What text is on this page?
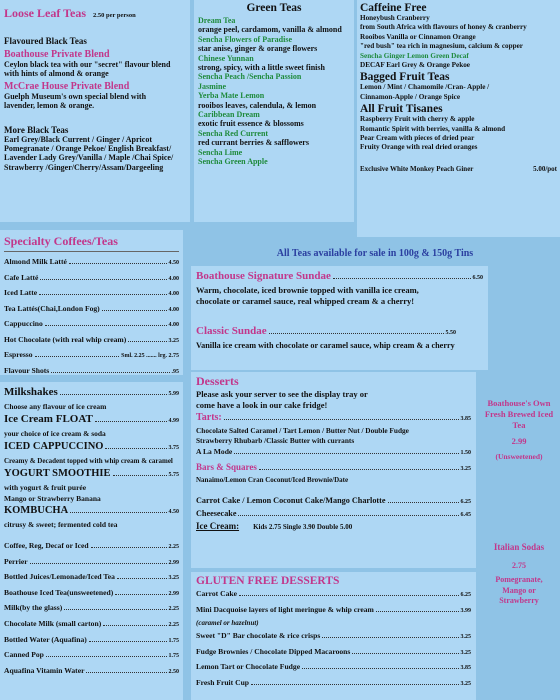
Loose Leaf Teas 2.50 per person
Flavoured Black Teas
Boathouse Private Blend
Ceylon black tea with our "secret" flavour blend
with hints of almond & orange
McCrae House Private Blend
Guelph Museum's own special blend with
lavender, lemon & orange.
More Black Teas
Earl Grey/Black Current / Ginger / Apricot
Pomegranate / Orange Pekoe/ English Breakfast/
Lavender Lady Grey/Vanilla / Maple /Chai Spice/
Strawberry /Ginger/Cherry/Assam/Dargeeling
Green Teas
Dream Tea
orange peel, cardamom, vanilla & almond
Sencha Flowers of Paradise
star anise, ginger & orange flowers
Chinese Yunnan
strong, spicy, with a little sweet finish
Sencha Peach /Sencha Passion
Jasmine
Yerba Mate Lemon
rooibos leaves, calendula, & lemon
Caribbean Dream
exotic fruit essence & blossoms
Sencha Red Current
red currant berries & safflowers
Sencha Lime
Sencha Green Apple
Caffeine Free
Honeybush Cranberry
from South Africa with flavours of honey & cranberry
Rooibos Vanilla or Cinnamon Orange
"red bush" tea rich in magnesium, calcium & copper
Sencha Ginger Lemon Green Decaf
DECAF Earl Grey & Orange Pekoe
Bagged Fruit Teas
Lemon / Mint / Chamomile /Cran- Apple /
Cinnamon-Apple / Orange Spice
All Fruit Tisanes
Raspberry Fruit with cherry & apple
Romantic Spirit with berries, vanilla & almond
Pear Cream with pieces of dried pear
Fruity Orange with real dried oranges
Exclusive White Monkey Peach Giner	5.00/pot
Specialty Coffees/Teas
Almond Milk Latté	4.50
Cafe Latté	4.00
Iced Latte	4.00
Tea Lattés(Chai,London Fog)	4.00
Cappuccino	4.00
Hot Chocolate (with real whip cream)	3.25
Espresso	Sml. 2.25 ....... lrg. 2.75
Flavour Shots	.95
Milkshakes	5.99
Choose any flavour of ice cream
Ice Cream FLOAT	4.99
your choice of ice cream & soda
ICED CAPPUCCINO	3.75
Creamy & Decadent topped with whip cream & caramel
YOGURT SMOOTHIE	5.75
with yogurt & fruit purée
Mango or Strawberry Banana
KOMBUCHA	4.50
citrusy & sweet; fermented cold tea
Coffee, Reg, Decaf or Iced	2.25
Perrier	2.99
Bottled Juices/Lemonade/Iced Tea	3.25
Boathouse Iced Tea(unsweetened)	2.99
Milk(by the glass)	2.25
Chocolate Milk (small carton)	2.25
Bottled Water (Aquafina)	1.75
Canned Pop	1.75
Aquafina Vitamin Water	2.50
All Teas available for sale in 100g & 150g Tins
Boathouse Signature Sundae	6.50
Warm, chocolate, iced brownie topped with vanilla ice cream,
chocolate or caramel sauce, real whipped cream & a cherry!
Classic Sundae	5.50
Vanilla ice cream with chocolate or caramel sauce, whip cream & a cherry
Desserts
Please ask your server to see the display tray or
come have a look in our cake fridge!
Tarts:	3.85
Chocolate Salted Caramel / Tart Lemon / Butter Nut / Double Fudge
Strawberry Rhubarb /Classic Butter with currants
A La Mode	1.50
Bars & Squares	3.25
Nanaimo/Lemon Cran Coconut/Iced Brownie/Date
Carrot Cake / Lemon Coconut Cake/Mango Charlotte	6.25
Cheesecake	6.45
Ice Cream: Kids 2.75 Single 3.90 Double 5.00
Boathouse's Own
Fresh Brewed Iced
Tea
2.99
(Unsweetened)
Italian Sodas
2.75
Pomegranate,
Mango or
Strawberry
GLUTEN FREE DESSERTS
Carrot Cake	6.25
Mini Dacquoise layers of light meringue & whip cream	3.99
(caramel or hazelnut)
Sweet "D" Bar chocolate & rice crisps	3.25
Fudge Brownies / Chocolate Dipped Macaroons	3.25
Lemon Tart or Chocolate Fudge	3.85
Fresh Fruit Cup	3.25
